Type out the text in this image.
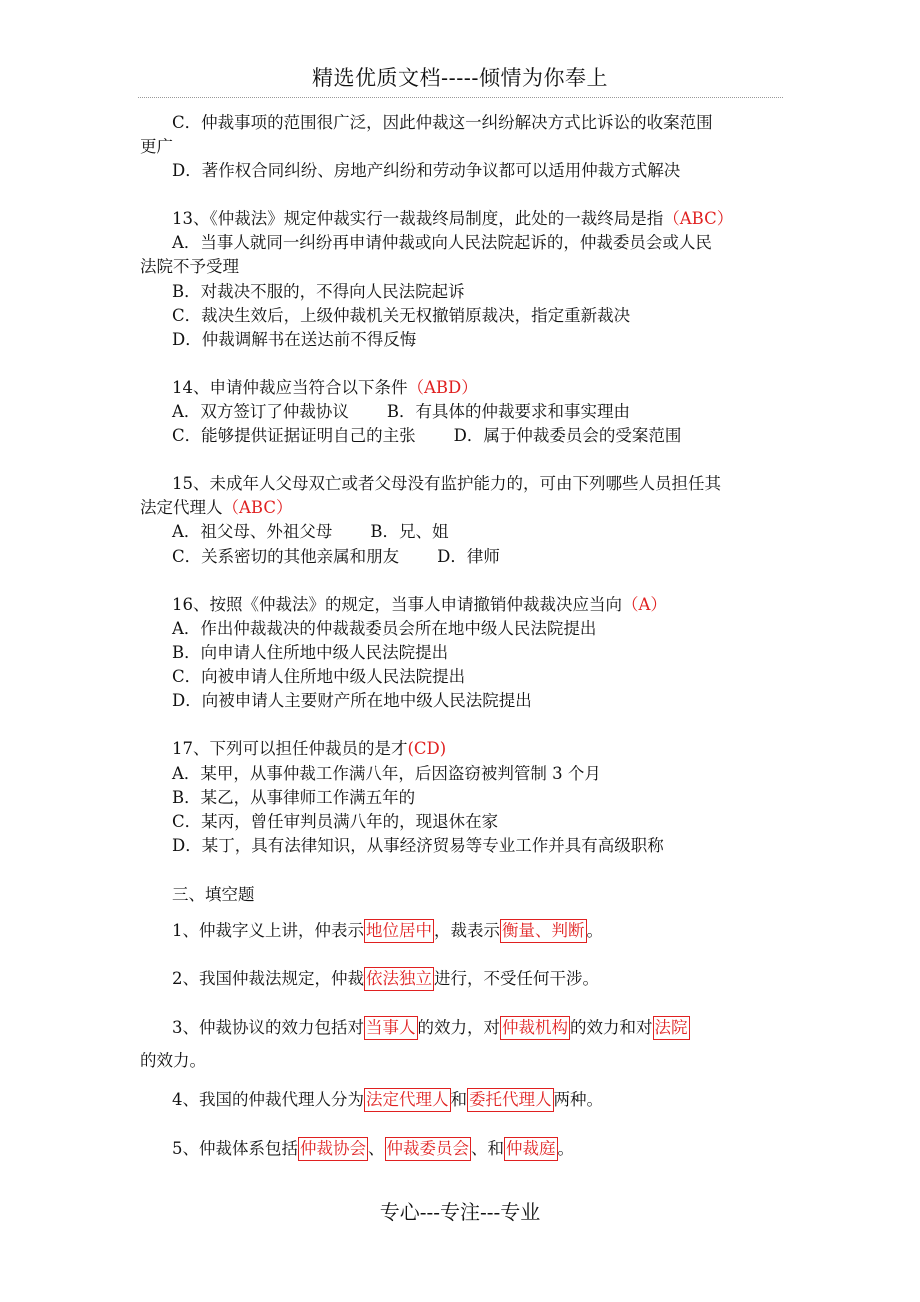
精选优质文档-----倾情为你奉上
C．仲裁事项的范围很广泛，因此仲裁这一纠纷解决方式比诉讼的收案范围
更广
D．著作权合同纠纷、房地产纠纷和劳动争议都可以适用仲裁方式解决
13、《仲裁法》规定仲裁实行一裁裁终局制度，此处的一裁终局是指（ABC）
A．当事人就同一纠纷再申请仲裁或向人民法院起诉的，仲裁委员会或人民
法院不予受理
B．对裁决不服的，不得向人民法院起诉
C．裁决生效后，上级仲裁机关无权撤销原裁决，指定重新裁决
D．仲裁调解书在送达前不得反悔
14、申请仲裁应当符合以下条件（ABD）
A．双方签订了仲裁协议 B．有具体的仲裁要求和事实理由
C．能够提供证据证明自己的主张 D．属于仲裁委员会的受案范围
15、未成年人父母双亡或者父母没有监护能力的，可由下列哪些人员担任其
法定代理人（ABC）
A．祖父母、外祖父母 B．兄、姐
C．关系密切的其他亲属和朋友 D．律师
16、按照《仲裁法》的规定，当事人申请撤销仲裁裁决应当向（A）
A．作出仲裁裁决的仲裁裁委员会所在地中级人民法院提出
B．向申请人住所地中级人民法院提出
C．向被申请人住所地中级人民法院提出
D．向被申请人主要财产所在地中级人民法院提出
17、下列可以担任仲裁员的是才(CD)
A．某甲，从事仲裁工作满八年，后因盗窃被判管制 3 个月
B．某乙，从事律师工作满五年的
C．某丙，曾任审判员满八年的，现退休在家
D．某丁，具有法律知识，从事经济贸易等专业工作并具有高级职称
三、填空题
1、仲裁字义上讲，仲表示 地位居中 ，裁表示 衡量、判断 。
2、我国仲裁法规定，仲裁 依法独立 进行，不受任何干涉。
3、仲裁协议的效力包括对 当事人 的效力，对 仲裁机构 的效力和对 法院
的效力。
4、我国的仲裁代理人分为 法定代理人 和 委托代理人 两种。
5、仲裁体系包括 仲裁协会 、 仲裁委员会 、和 仲裁庭 。
专心---专注---专业
